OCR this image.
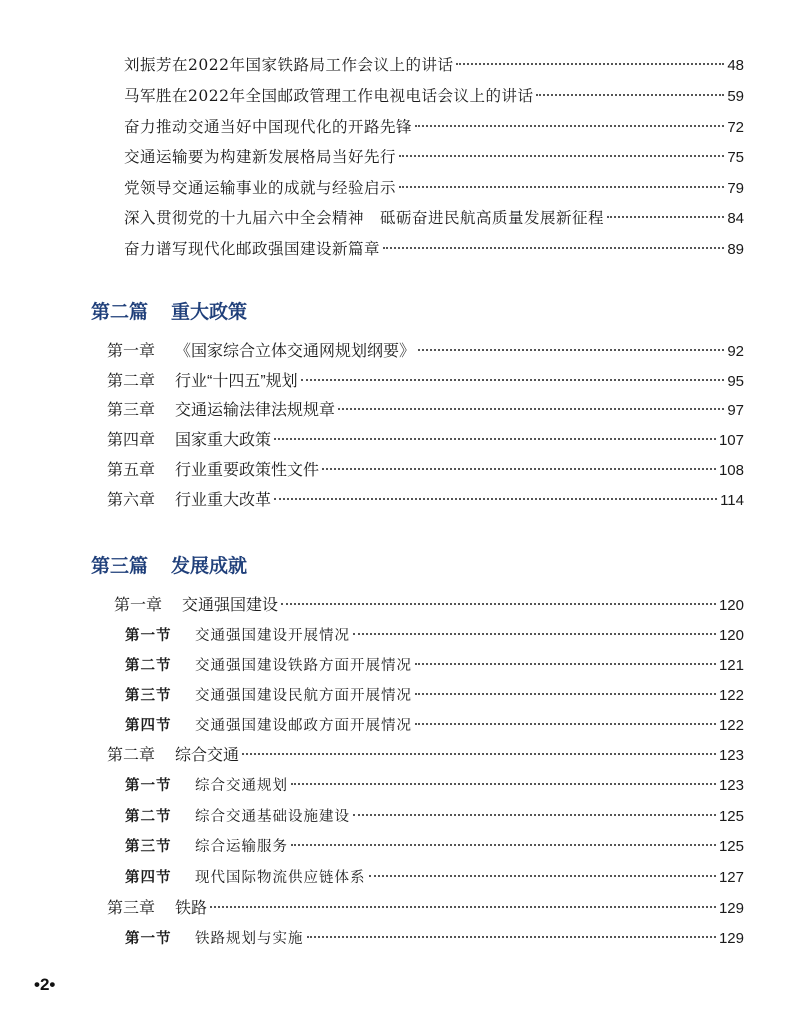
刘振芳在2022年国家铁路局工作会议上的讲话	48
马军胜在2022年全国邮政管理工作电视电话会议上的讲话	59
奋力推动交通当好中国现代化的开路先锋	72
交通运输要为构建新发展格局当好先行	75
党领导交通运输事业的成就与经验启示	79
深入贯彻党的十九届六中全会精神　砥砺奋进民航高质量发展新征程	84
奋力谱写现代化邮政强国建设新篇章	89
第二篇 重大政策
第一章 《国家综合立体交通网规划纲要》	92
第二章 行业“十四五”规划	95
第三章 交通运输法律法规规章	97
第四章 国家重大政策	107
第五章 行业重要政策性文件	108
第六章 行业重大改革	114
第三篇 发展成就
第一章 交通强国建设	120
第一节 交通强国建设开展情况	120
第二节 交通强国建设铁路方面开展情况	121
第三节 交通强国建设民航方面开展情况	122
第四节 交通强国建设邮政方面开展情况	122
第二章 综合交通	123
第一节 综合交通规划	123
第二节 综合交通基础设施建设	125
第三节 综合运输服务	125
第四节 现代国际物流供应链体系	127
第三章 铁路	129
第一节 铁路规划与实施	129
•2•
